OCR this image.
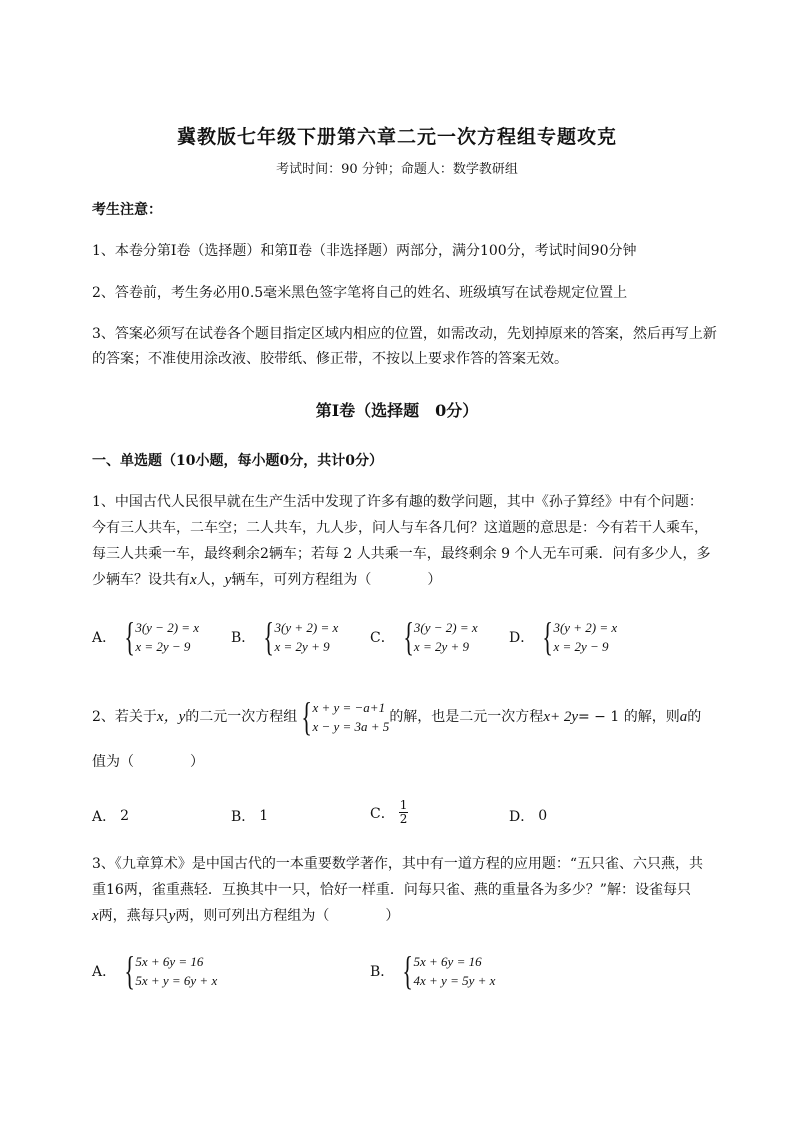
冀教版七年级下册第六章二元一次方程组专题攻克
考试时间：90 分钟；命题人：数学教研组
考生注意：
1、本卷分第Ⅰ卷（选择题）和第Ⅱ卷（非选择题）两部分，满分100分，考试时间90分钟
2、答卷前，考生务必用0.5毫米黑色签字笔将自己的姓名、班级填写在试卷规定位置上
3、答案必须写在试卷各个题目指定区域内相应的位置，如需改动，先划掉原来的答案，然后再写上新
的答案；不准使用涂改液、胶带纸、修正带，不按以上要求作答的答案无效。
第Ⅰ卷（选择题　0分）
一、单选题（10小题，每小题0分，共计0分）
1、中国古代人民很早就在生产生活中发现了许多有趣的数学问题，其中《孙子算经》中有个问题：
今有三人共车，二车空；二人共车，九人步，问人与车各几何？这道题的意思是：今有若干人乘车，
每三人共乘一车，最终剩余2辆车；若每 2 人共乘一车，最终剩余 9 个人无车可乘．问有多少人，多
少辆车？设共有x人，y辆车，可列方程组为（　　　　）
A． { 3(y − 2) = x
x = 2y − 9
B． { 3(y + 2) = x
x = 2y + 9
C． { 3(y − 2) = x
x = 2y + 9
D． { 3(y + 2) = x
x = 2y − 9
2、若关于 x，y 的二元一次方程组 { x + y = −a+1
x − y = 3a + 5
的解，也是二元一次方程 x+ 2y = − 1 的解，则 a 的
值为（　　　　）
A． 2	B． 1	C． $\frac{1}{2}$	D． 0
3、《九章算术》是中国古代的一本重要数学著作，其中有一道方程的应用题：“五只雀、六只燕，共
重16两，雀重燕轻．互换其中一只，恰好一样重．问每只雀、燕的重量各为多少？”解：设雀每只
x两，燕每只y两，则可列出方程组为（　　　　）
A． { 5x + 6y = 16
5x + y = 6y + x
B． { 5x + 6y = 16
4x + y = 5y + x
